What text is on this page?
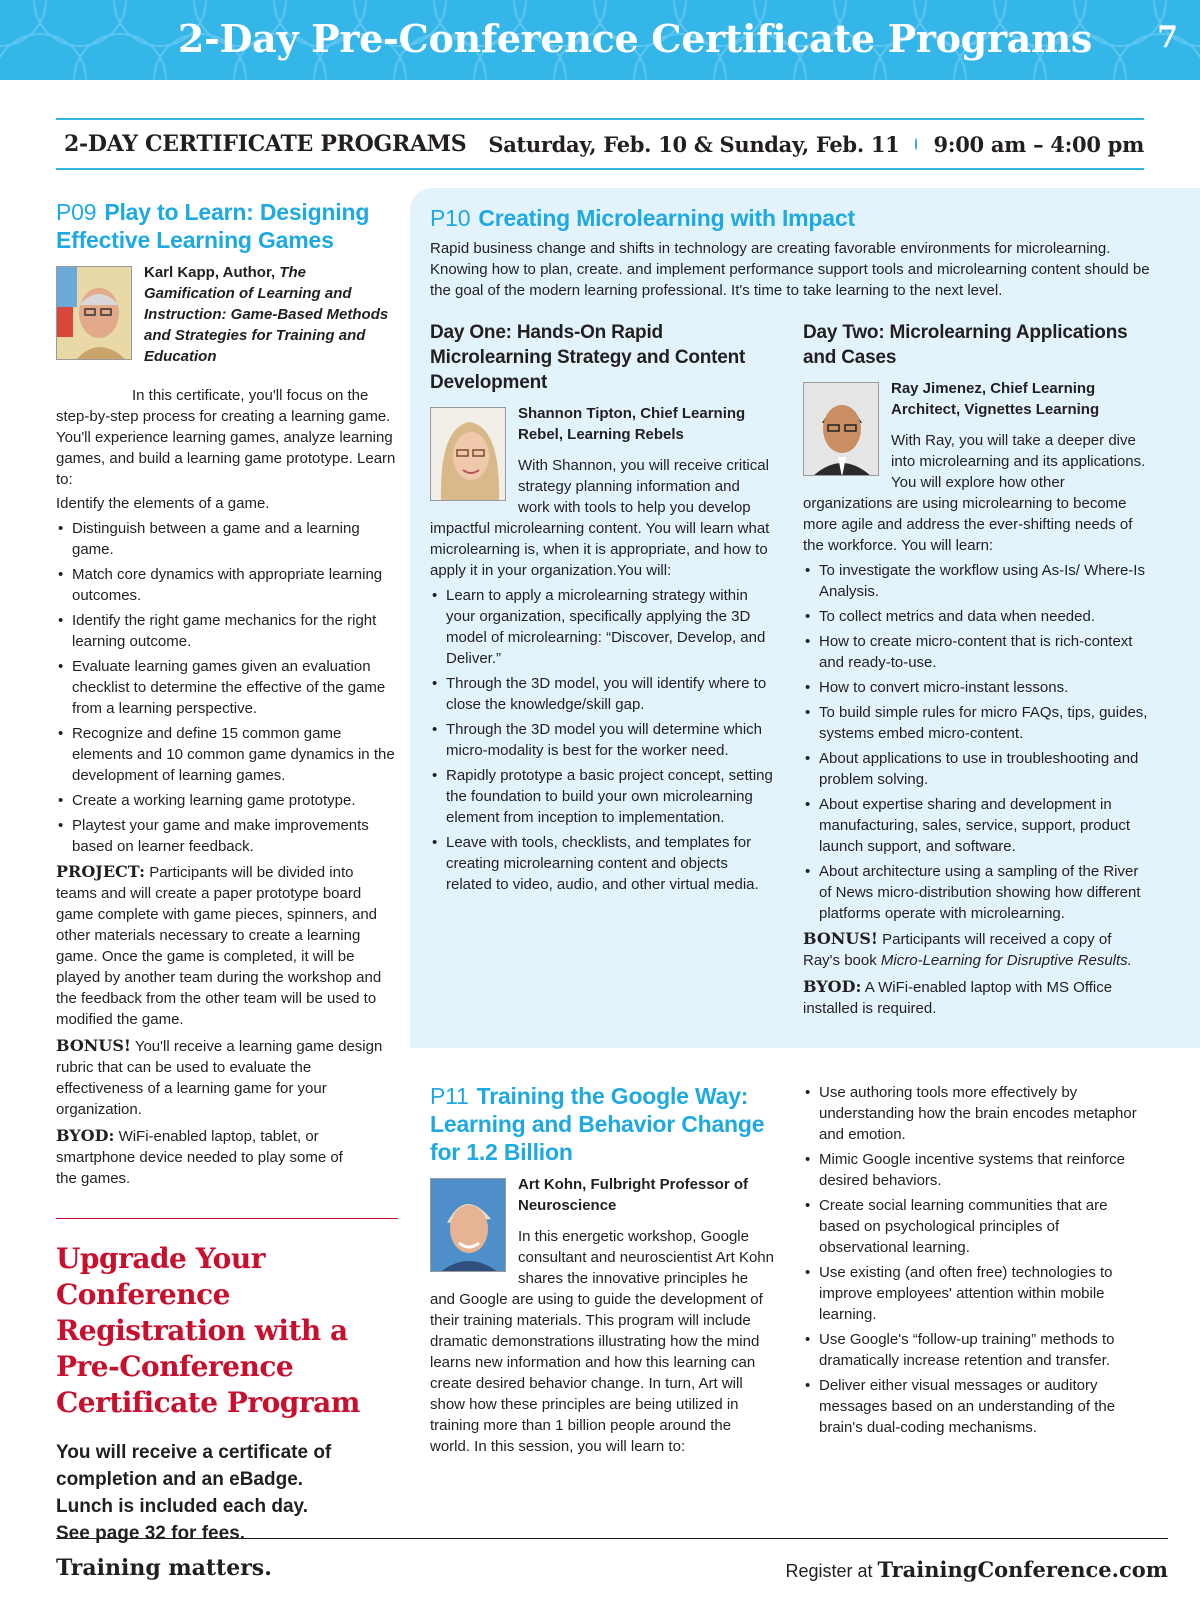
2-Day Pre-Conference Certificate Programs 7
2-DAY CERTIFICATE PROGRAMS Saturday, Feb. 10 & Sunday, Feb. 11 9:00 am – 4:00 pm
P09 Play to Learn: Designing Effective Learning Games
Karl Kapp, Author, The Gamification of Learning and Instruction: Game-Based Methods and Strategies for Training and Education

In this certificate, you'll focus on the step-by-step process for creating a learning game. You'll experience learning games, analyze learning games, and build a learning game prototype. Learn to:

Identify the elements of a game.

• Distinguish between a game and a learning game.
• Match core dynamics with appropriate learning outcomes.
• Identify the right game mechanics for the right learning outcome.
• Evaluate learning games given an evaluation checklist to determine the effective of the game from a learning perspective.
• Recognize and define 15 common game elements and 10 common game dynamics in the development of learning games.
• Create a working learning game prototype.
• Playtest your game and make improvements based on learner feedback.

PROJECT: Participants will be divided into teams and will create a paper prototype board game complete with game pieces, spinners, and other materials necessary to create a learning game. Once the game is completed, it will be played by another team during the workshop and the feedback from the other team will be used to modified the game.

BONUS! You'll receive a learning game design rubric that can be used to evaluate the effectiveness of a learning game for your organization.

BYOD: WiFi-enabled laptop, tablet, or smartphone device needed to play some of the games.

Upgrade Your Conference Registration with a Pre-Conference Certificate Program
You will receive a certificate of
completion and an eBadge.
Lunch is included each day.
See page 32 for fees.
P10 Creating Microlearning with Impact

Rapid business change and shifts in technology are creating favorable environments for microlearning. Knowing how to plan, create. and implement performance support tools and microlearning content should be the goal of the modern learning professional. It's time to take learning to the next level.

Day One: Hands-On Rapid Microlearning Strategy and Content Development
Shannon Tipton, Chief Learning Rebel, Learning Rebels

With Shannon, you will receive critical strategy planning information and work with tools to help you develop impactful microlearning content. You will learn what microlearning is, when it is appropriate, and how to apply it in your organization.You will:

• Learn to apply a microlearning strategy within your organization, specifically applying the 3D model of microlearning: “Discover, Develop, and Deliver.”
• Through the 3D model, you will identify where to close the knowledge/skill gap.
• Through the 3D model you will determine which micro-modality is best for the worker need.
• Rapidly prototype a basic project concept, setting the foundation to build your own microlearning element from inception to implementation.
• Leave with tools, checklists, and templates for creating microlearning content and objects related to video, audio, and other virtual media.
Day Two: Microlearning Applications and Cases
Ray Jimenez, Chief Learning Architect, Vignettes Learning

With Ray, you will take a deeper dive into microlearning and its applications. You will explore how other organizations are using microlearning to become more agile and address the ever-shifting needs of the workforce. You will learn:

• To investigate the workflow using As-Is/ Where-Is Analysis.
• To collect metrics and data when needed.
• How to create micro-content that is rich-context and ready-to-use.
• How to convert micro-instant lessons.
• To build simple rules for micro FAQs, tips, guides, systems embed micro-content.
• About applications to use in troubleshooting and problem solving.
• About expertise sharing and development in manufacturing, sales, service, support, product launch support, and software.
• About architecture using a sampling of the River of News micro-distribution showing how different platforms operate with microlearning.

BONUS! Participants will received a copy of Ray's book Micro-Learning for Disruptive Results.

BYOD: A WiFi-enabled laptop with MS Office installed is required.

P11 Training the Google Way: Learning and Behavior Change for 1.2 Billion
Art Kohn, Fulbright Professor of Neuroscience

In this energetic workshop, Google consultant and neuroscientist Art Kohn shares the innovative principles he and Google are using to guide the development of their training materials. This program will include dramatic demonstrations illustrating how the mind learns new information and how this learning can create desired behavior change. In turn, Art will show how these principles are being utilized in training more than 1 billion people around the world. In this session, you will learn to:

• Use authoring tools more effectively by understanding how the brain encodes metaphor and emotion.
• Mimic Google incentive systems that reinforce desired behaviors.
• Create social learning communities that are based on psychological principles of observational learning.
• Use existing (and often free) technologies to improve employees' attention within mobile learning.
• Use Google's “follow-up training” methods to dramatically increase retention and transfer.
• Deliver either visual messages or auditory messages based on an understanding of the brain's dual-coding mechanisms.
Training matters.	Register at TrainingConference.com
